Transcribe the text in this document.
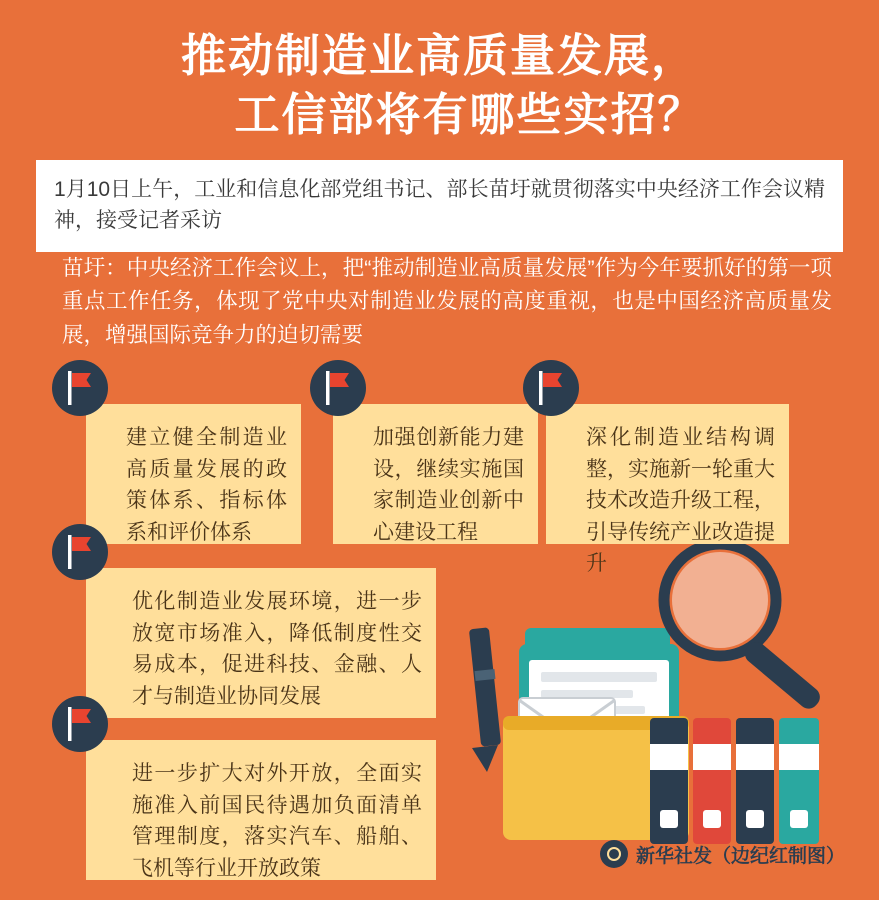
推动制造业高质量发展，
工信部将有哪些实招？
1月10日上午，工业和信息化部党组书记、部长苗圩就贯彻落实中央经济工作会议精神，接受记者采访
苗圩：中央经济工作会议上，把“推动制造业高质量发展”作为今年要抓好的第一项重点工作任务，体现了党中央对制造业发展的高度重视，也是中国经济高质量发展，增强国际竞争力的迫切需要
建立健全制造业高质量发展的政策体系、指标体系和评价体系
加强创新能力建设，继续实施国家制造业创新中心建设工程
深化制造业结构调整，实施新一轮重大技术改造升级工程，引导传统产业改造提升
优化制造业发展环境，进一步放宽市场准入，降低制度性交易成本，促进科技、金融、人才与制造业协同发展
进一步扩大对外开放，全面实施准入前国民待遇加负面清单管理制度，落实汽车、船舶、飞机等行业开放政策
新华社发（边纪红制图）
